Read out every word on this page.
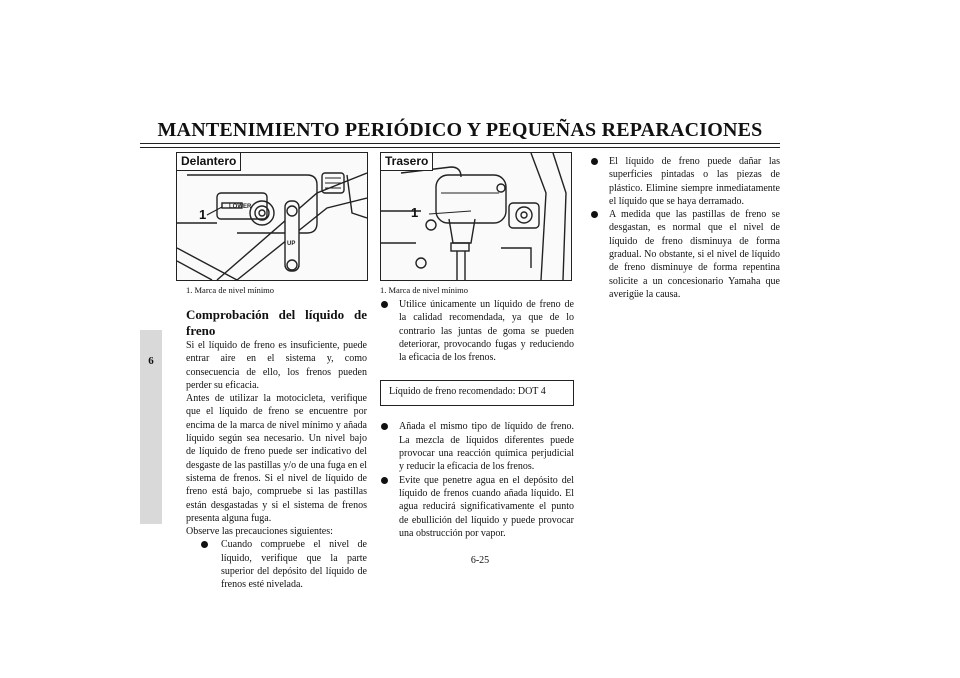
MANTENIMIENTO PERIÓDICO Y PEQUEÑAS REPARACIONES
6
LOWER
UP
Delantero
1
1. Marca de nivel mínimo
Trasero
1
1. Marca de nivel mínimo
Comprobación del líquido de freno

Si el líquido de freno es insuficiente, puede entrar aire en el sistema y, como consecuencia de ello, los frenos pueden perder su eficacia.

Antes de utilizar la motocicleta, verifique que el líquido de freno se encuentre por encima de la marca de nivel mínimo y añada líquido según sea necesario. Un nivel bajo de líquido de freno puede ser indicativo del desgaste de las pastillas y/o de una fuga en el sistema de frenos. Si el nivel de líquido de freno está bajo, compruebe si las pastillas están desgastadas y si el sistema de frenos presenta alguna fuga.

Observe las precauciones siguientes:

Cuando compruebe el nivel de líquido, verifique que la parte superior del depósito del líquido de frenos esté nivelada.
Utilice únicamente un líquido de freno de la calidad recomendada, ya que de lo contrario las juntas de goma se pueden deteriorar, provocando fugas y reduciendo la eficacia de los frenos.
Líquido de freno recomendado: DOT 4
Añada el mismo tipo de líquido de freno. La mezcla de líquidos diferentes puede provocar una reacción química perjudicial y reducir la eficacia de los frenos.
Evite que penetre agua en el depósito del líquido de frenos cuando añada líquido. El agua reducirá significativamente el punto de ebullición del líquido y puede provocar una obstrucción por vapor.
El líquido de freno puede dañar las superficies pintadas o las piezas de plástico. Elimine siempre inmediatamente el líquido que se haya derramado.
A medida que las pastillas de freno se desgastan, es normal que el nivel de líquido de freno disminuya de forma gradual. No obstante, si el nivel de líquido de freno disminuye de forma repentina solicite a un concesionario Yamaha que averigüe la causa.
6-25
